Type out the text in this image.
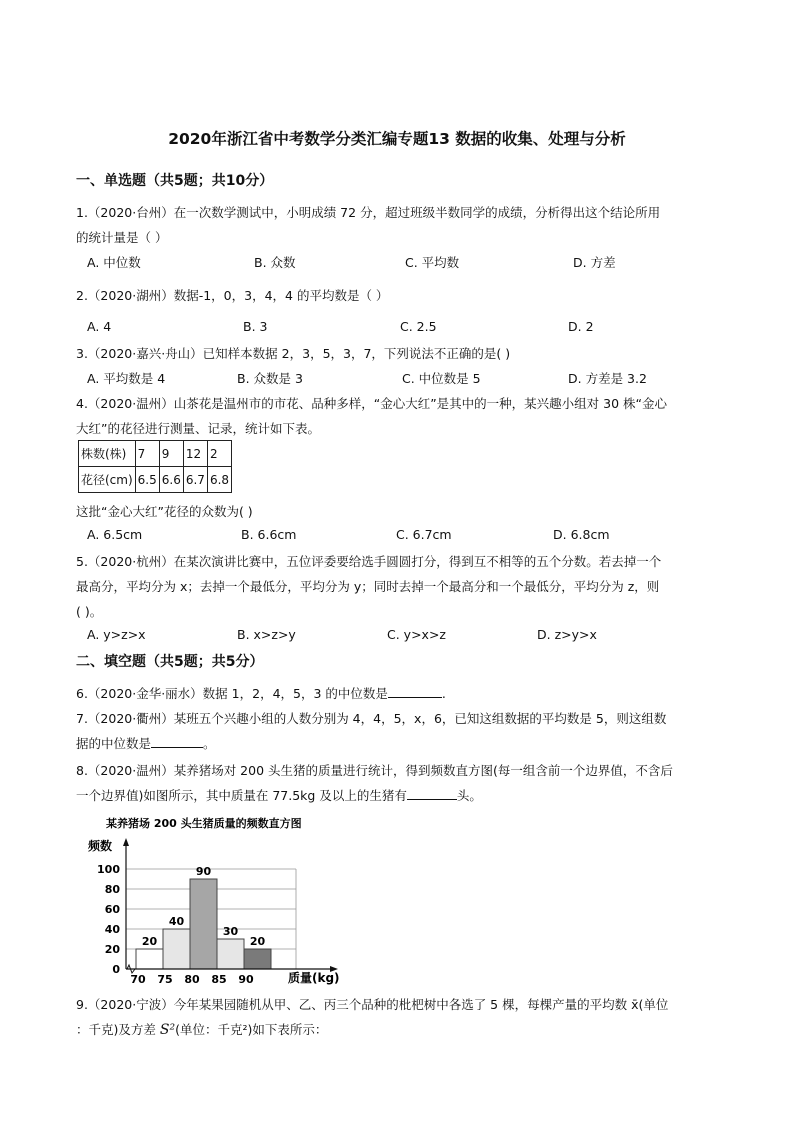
2020年浙江省中考数学分类汇编专题13 数据的收集、处理与分析
一、单选题（共5题；共10分）
1.（2020·台州）在一次数学测试中，小明成绩 72 分，超过班级半数同学的成绩，分析得出这个结论所用
的统计量是（ ）
A. 中位数	B. 众数	C. 平均数	D. 方差
2.（2020·湖州）数据-1，0，3，4，4 的平均数是（ ）
A. 4	B. 3	C. 2.5	D. 2
3.（2020·嘉兴·舟山）已知样本数据 2，3，5，3，7，下列说法不正确的是( )
A. 平均数是 4	B. 众数是 3	C. 中位数是 5	D. 方差是 3.2
4.（2020·温州）山茶花是温州市的市花、品种多样，“金心大红”是其中的一种，某兴趣小组对 30 株“金心
大红”的花径进行测量、记录，统计如下表。
株数(株)	7	9	12	2
花径(cm)	6.5	6.6	6.7	6.8
这批“金心大红”花径的众数为( )
A. 6.5cm	B. 6.6cm	C. 6.7cm	D. 6.8cm
5.（2020·杭州）在某次演讲比赛中，五位评委要给选手圆圆打分，得到互不相等的五个分数。若去掉一个
最高分，平均分为 x；去掉一个最低分，平均分为 y；同时去掉一个最高分和一个最低分，平均分为 z，则
( )。
A. y>z>x	B. x>z>y	C. y>x>z	D. z>y>x
二、填空题（共5题；共5分）
6.（2020·金华·丽水）数据 1，2，4，5，3 的中位数是	.
7.（2020·衢州）某班五个兴趣小组的人数分别为 4，4，5，x，6，已知这组数据的平均数是 5，则这组数
据的中位数是	。
8.（2020·温州）某养猪场对 200 头生猪的质量进行统计，得到频数直方图(每一组含前一个边界值，不含后
一个边界值)如图所示，其中质量在 77.5kg 及以上的生猪有	头。
某养猪场 200 头生猪质量的频数直方图
频数
质量(kg)
20
40
90
30
20
0
20
40
60
80
100
70 75 80 85 90
9.（2020·宁波）今年某果园随机从甲、乙、丙三个品种的枇杷树中各选了 5 棵，每棵产量的平均数 x̄(单位
：千克)及方差 S²(单位：千克²)如下表所示：
